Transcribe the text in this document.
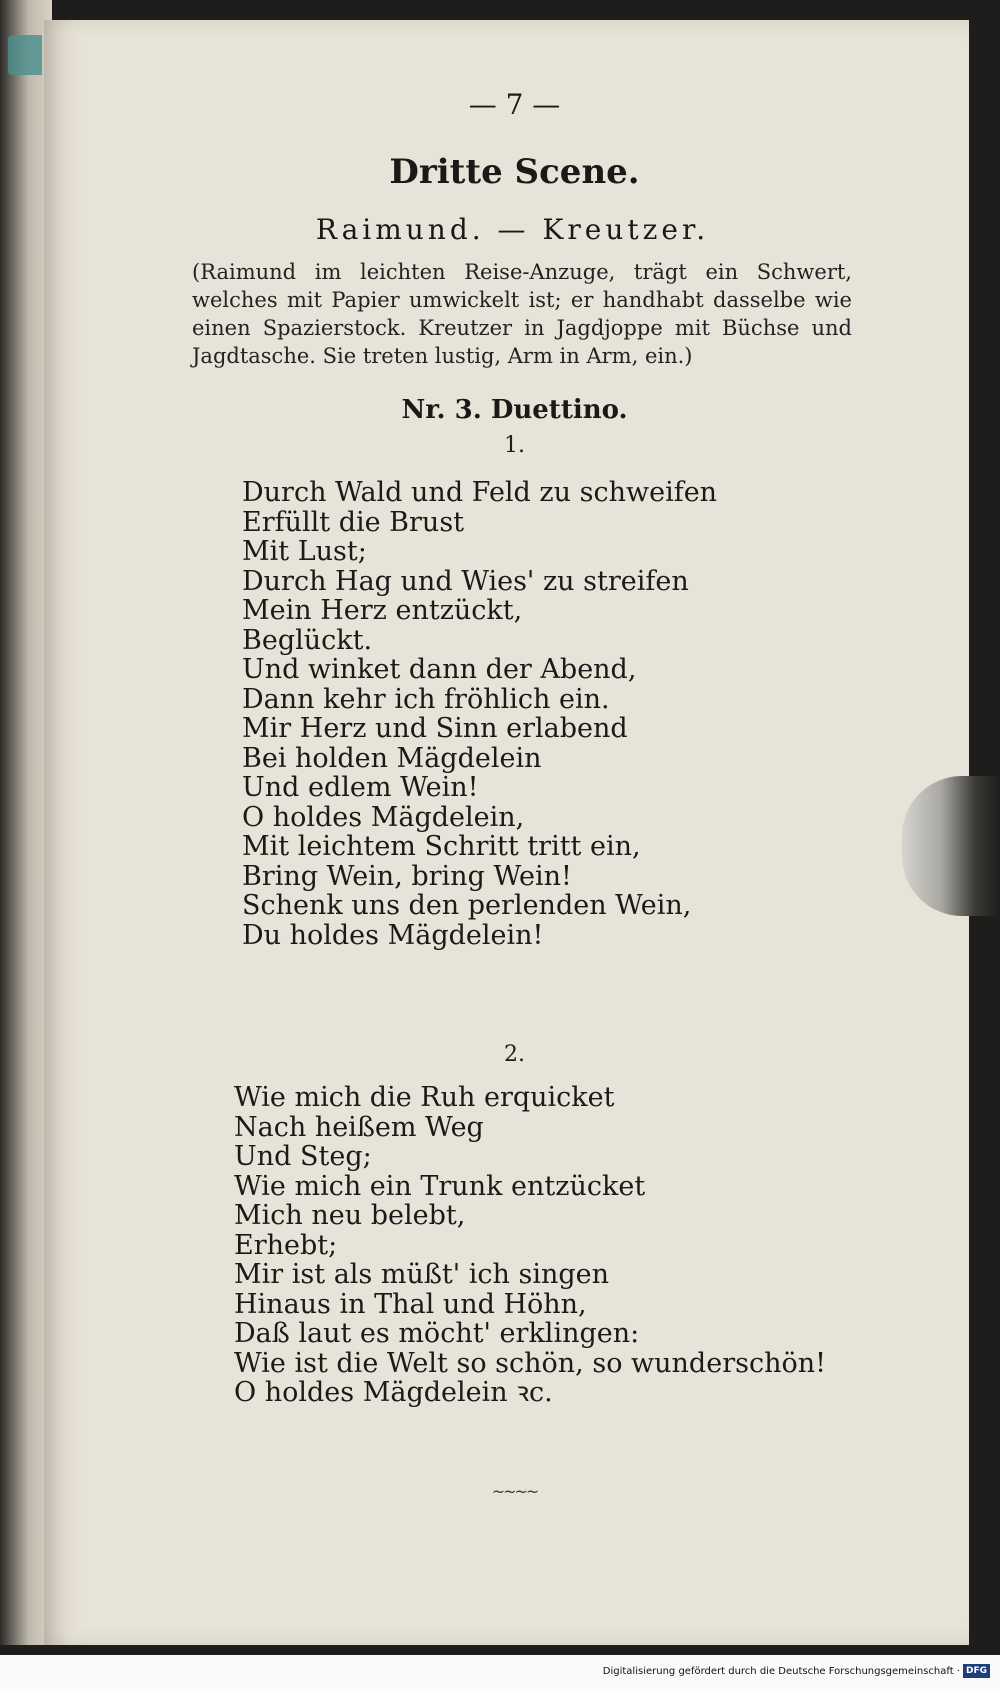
— 7 —
Dritte Scene.
Raimund. — Kreutzer.
(Raimund im leichten Reise-Anzuge, trägt ein Schwert, welches mit Papier umwickelt ist; er handhabt dasselbe wie einen Spazierstock. Kreutzer in Jagdjoppe mit Büchse und Jagdtasche. Sie treten lustig, Arm in Arm, ein.)
Nr. 3. Duettino.
1.
Durch Wald und Feld zu schweifen
Erfüllt die Brust
Mit Lust;
Durch Hag und Wies' zu streifen
Mein Herz entzückt,
Beglückt.
Und winket dann der Abend,
Dann kehr ich fröhlich ein.
Mir Herz und Sinn erlabend
Bei holden Mägdelein
Und edlem Wein!
O holdes Mägdelein,
Mit leichtem Schritt tritt ein,
Bring Wein, bring Wein!
Schenk uns den perlenden Wein,
Du holdes Mägdelein!
2.
Wie mich die Ruh erquicket
Nach heißem Weg
Und Steg;
Wie mich ein Trunk entzücket
Mich neu belebt,
Erhebt;
Mir ist als müßt' ich singen
Hinaus in Thal und Höhn,
Daß laut es möcht' erklingen:
Wie ist die Welt so schön, so wunderschön!
O holdes Mägdelein ꝛc.
~~~~
Digitalisierung gefördert durch die Deutsche Forschungsgemeinschaft · DFG
